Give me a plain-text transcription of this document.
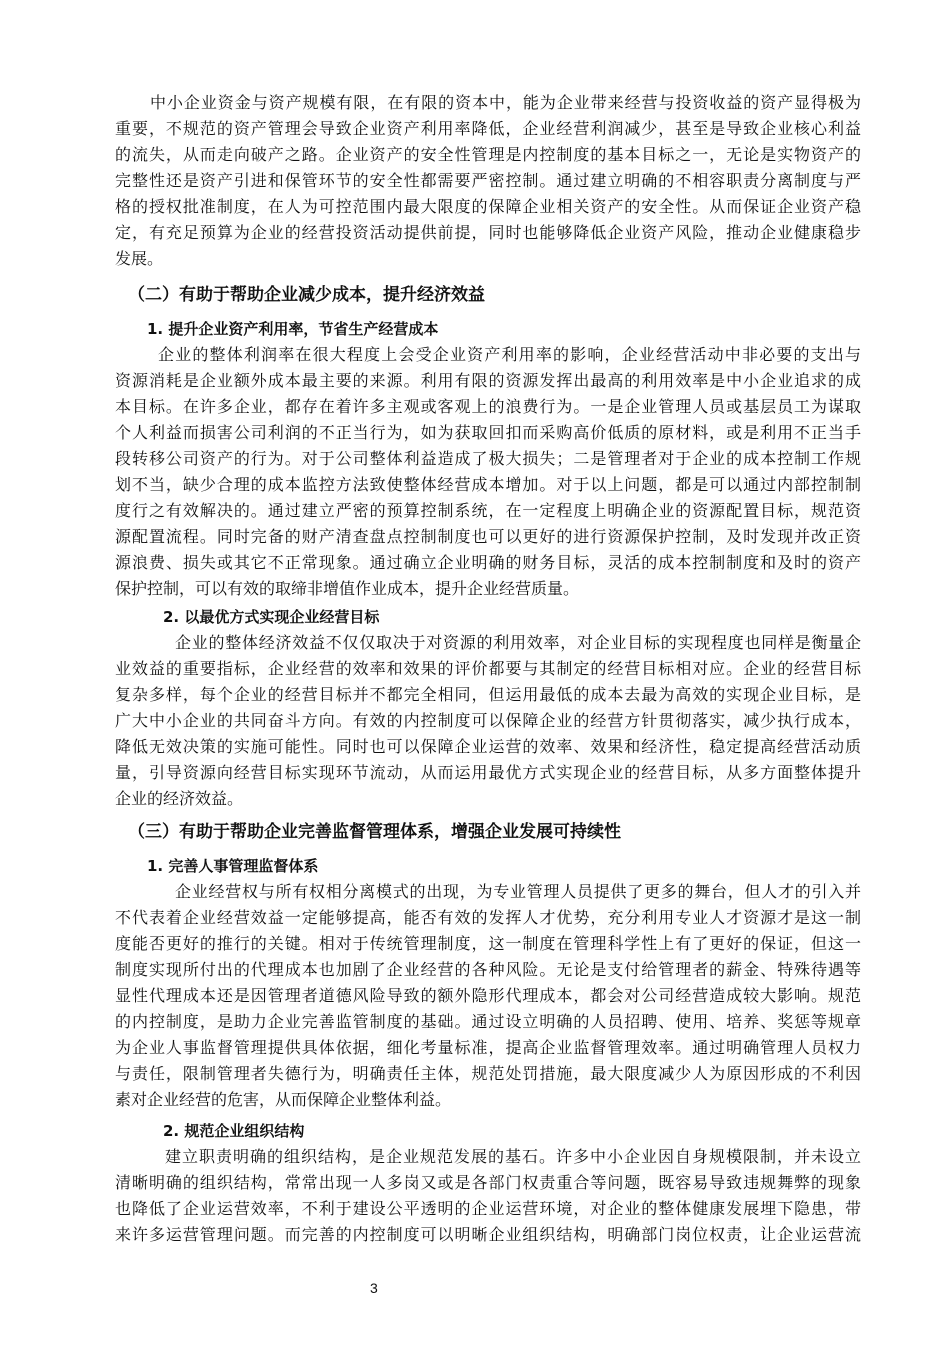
中小企业资金与资产规模有限，在有限的资本中，能为企业带来经营与投资收益的资产显得极为
重要，不规范的资产管理会导致企业资产利用率降低，企业经营利润减少，甚至是导致企业核心利益
的流失，从而走向破产之路。企业资产的安全性管理是内控制度的基本目标之一，无论是实物资产的
完整性还是资产引进和保管环节的安全性都需要严密控制。通过建立明确的不相容职责分离制度与严
格的授权批准制度，在人为可控范围内最大限度的保障企业相关资产的安全性。从而保证企业资产稳
定，有充足预算为企业的经营投资活动提供前提，同时也能够降低企业资产风险，推动企业健康稳步
发展。
（二）有助于帮助企业减少成本，提升经济效益
1. 提升企业资产利用率，节省生产经营成本
企业的整体利润率在很大程度上会受企业资产利用率的影响，企业经营活动中非必要的支出与
资源消耗是企业额外成本最主要的来源。利用有限的资源发挥出最高的利用效率是中小企业追求的成
本目标。在许多企业，都存在着许多主观或客观上的浪费行为。一是企业管理人员或基层员工为谋取
个人利益而损害公司利润的不正当行为，如为获取回扣而采购高价低质的原材料，或是利用不正当手
段转移公司资产的行为。对于公司整体利益造成了极大损失；二是管理者对于企业的成本控制工作规
划不当，缺少合理的成本监控方法致使整体经营成本增加。对于以上问题，都是可以通过内部控制制
度行之有效解决的。通过建立严密的预算控制系统，在一定程度上明确企业的资源配置目标，规范资
源配置流程。同时完备的财产清查盘点控制制度也可以更好的进行资源保护控制，及时发现并改正资
源浪费、损失或其它不正常现象。通过确立企业明确的财务目标，灵活的成本控制制度和及时的资产
保护控制，可以有效的取缔非增值作业成本，提升企业经营质量。
2. 以最优方式实现企业经营目标
企业的整体经济效益不仅仅取决于对资源的利用效率，对企业目标的实现程度也同样是衡量企
业效益的重要指标，企业经营的效率和效果的评价都要与其制定的经营目标相对应。企业的经营目标
复杂多样，每个企业的经营目标并不都完全相同，但运用最低的成本去最为高效的实现企业目标，是
广大中小企业的共同奋斗方向。有效的内控制度可以保障企业的经营方针贯彻落实，减少执行成本，
降低无效决策的实施可能性。同时也可以保障企业运营的效率、效果和经济性，稳定提高经营活动质
量，引导资源向经营目标实现环节流动，从而运用最优方式实现企业的经营目标，从多方面整体提升
企业的经济效益。
（三）有助于帮助企业完善监督管理体系，增强企业发展可持续性
1. 完善人事管理监督体系
企业经营权与所有权相分离模式的出现，为专业管理人员提供了更多的舞台，但人才的引入并
不代表着企业经营效益一定能够提高，能否有效的发挥人才优势，充分利用专业人才资源才是这一制
度能否更好的推行的关键。相对于传统管理制度，这一制度在管理科学性上有了更好的保证，但这一
制度实现所付出的代理成本也加剧了企业经营的各种风险。无论是支付给管理者的薪金、特殊待遇等
显性代理成本还是因管理者道德风险导致的额外隐形代理成本，都会对公司经营造成较大影响。规范
的内控制度，是助力企业完善监管制度的基础。通过设立明确的人员招聘、使用、培养、奖惩等规章
为企业人事监督管理提供具体依据，细化考量标准，提高企业监督管理效率。通过明确管理人员权力
与责任，限制管理者失德行为，明确责任主体，规范处罚措施，最大限度减少人为原因形成的不利因
素对企业经营的危害，从而保障企业整体利益。
2. 规范企业组织结构
建立职责明确的组织结构，是企业规范发展的基石。许多中小企业因自身规模限制，并未设立
清晰明确的组织结构，常常出现一人多岗又或是各部门权责重合等问题，既容易导致违规舞弊的现象
也降低了企业运营效率，不利于建设公平透明的企业运营环境，对企业的整体健康发展埋下隐患，带
来许多运营管理问题。而完善的内控制度可以明晰企业组织结构，明确部门岗位权责，让企业运营流
3
